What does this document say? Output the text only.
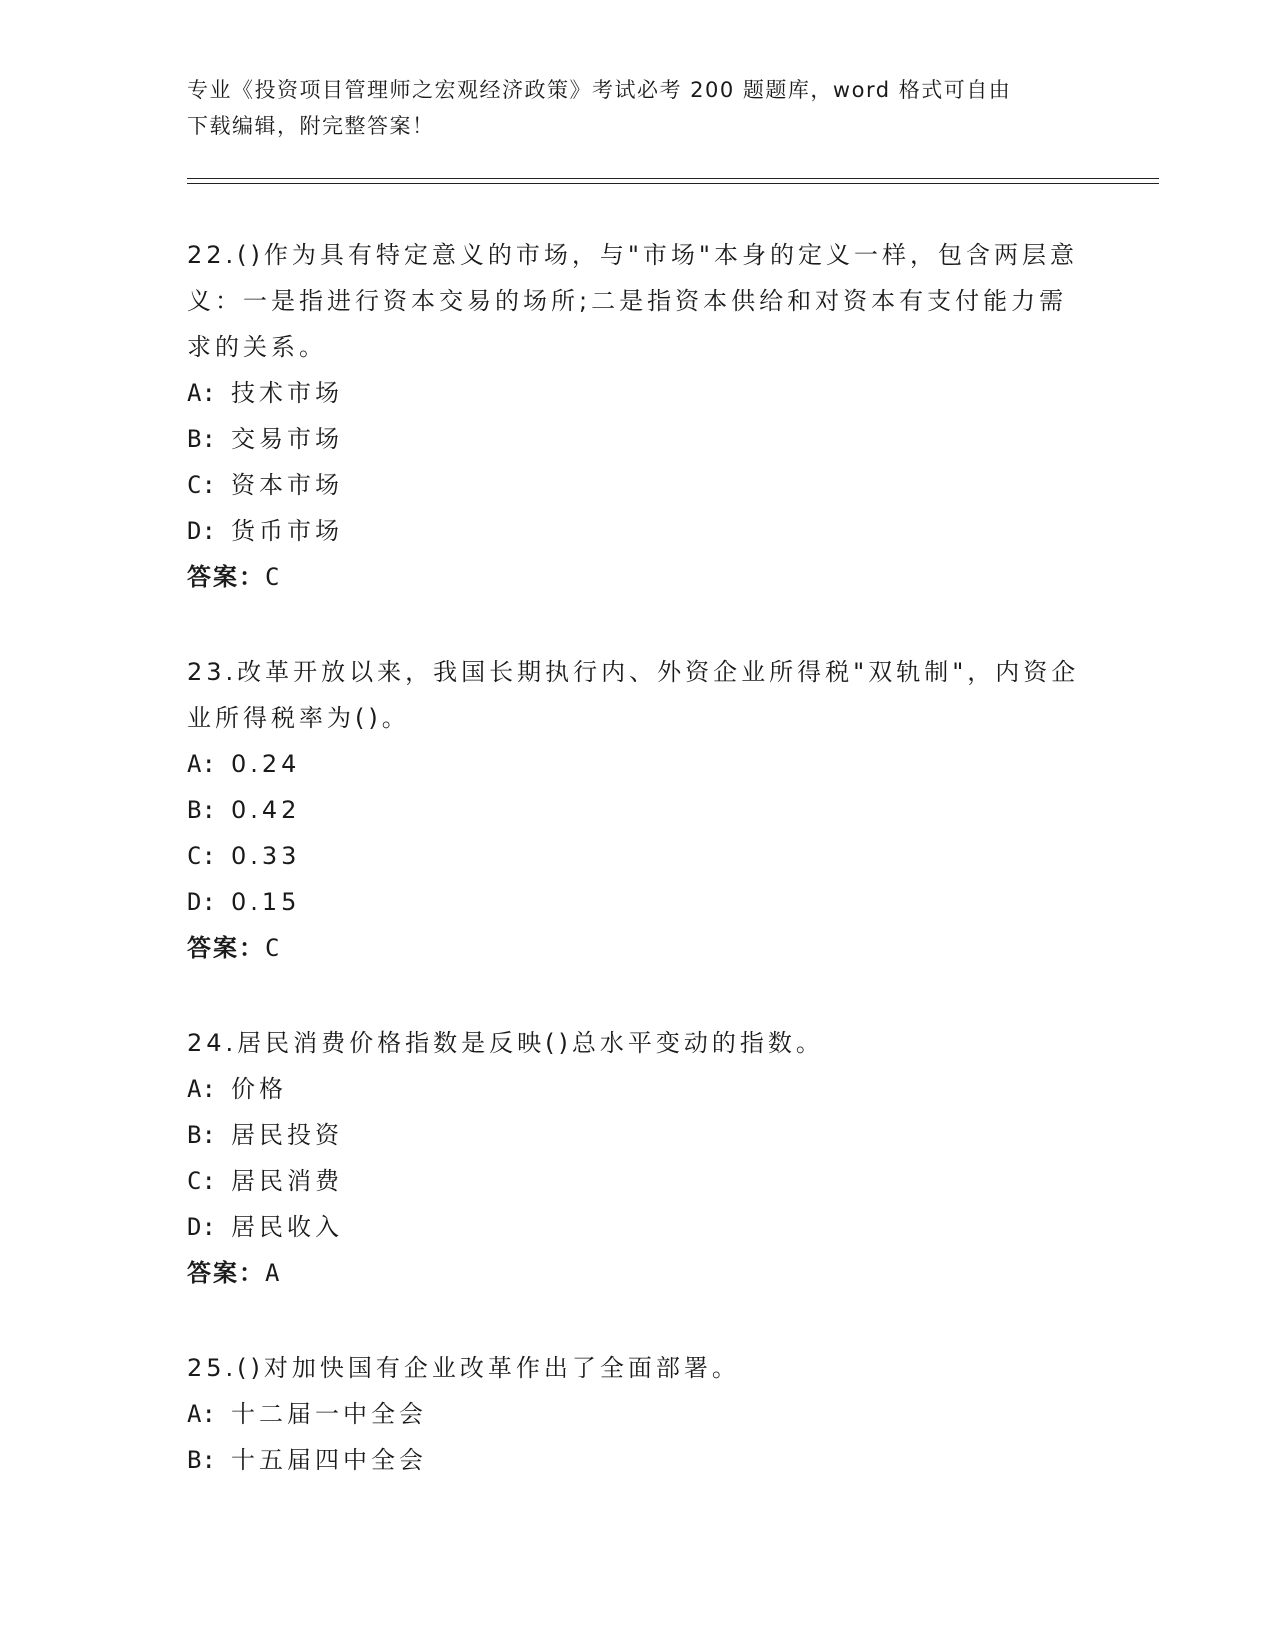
专业《投资项目管理师之宏观经济政策》考试必考 200 题题库，word 格式可自由
下载编辑，附完整答案！
22.()作为具有特定意义的市场，与"市场"本身的定义一样，包含两层意义：一是指进行资本交易的场所;二是指资本供给和对资本有支付能力需求的关系。
A: 技术市场
B: 交易市场
C: 资本市场
D: 货币市场
答案：C
23.改革开放以来，我国长期执行内、外资企业所得税"双轨制"，内资企业所得税率为()。
A: 0.24
B: 0.42
C: 0.33
D: 0.15
答案：C
24.居民消费价格指数是反映()总水平变动的指数。
A: 价格
B: 居民投资
C: 居民消费
D: 居民收入
答案：A
25.()对加快国有企业改革作出了全面部署。
A: 十二届一中全会
B: 十五届四中全会
